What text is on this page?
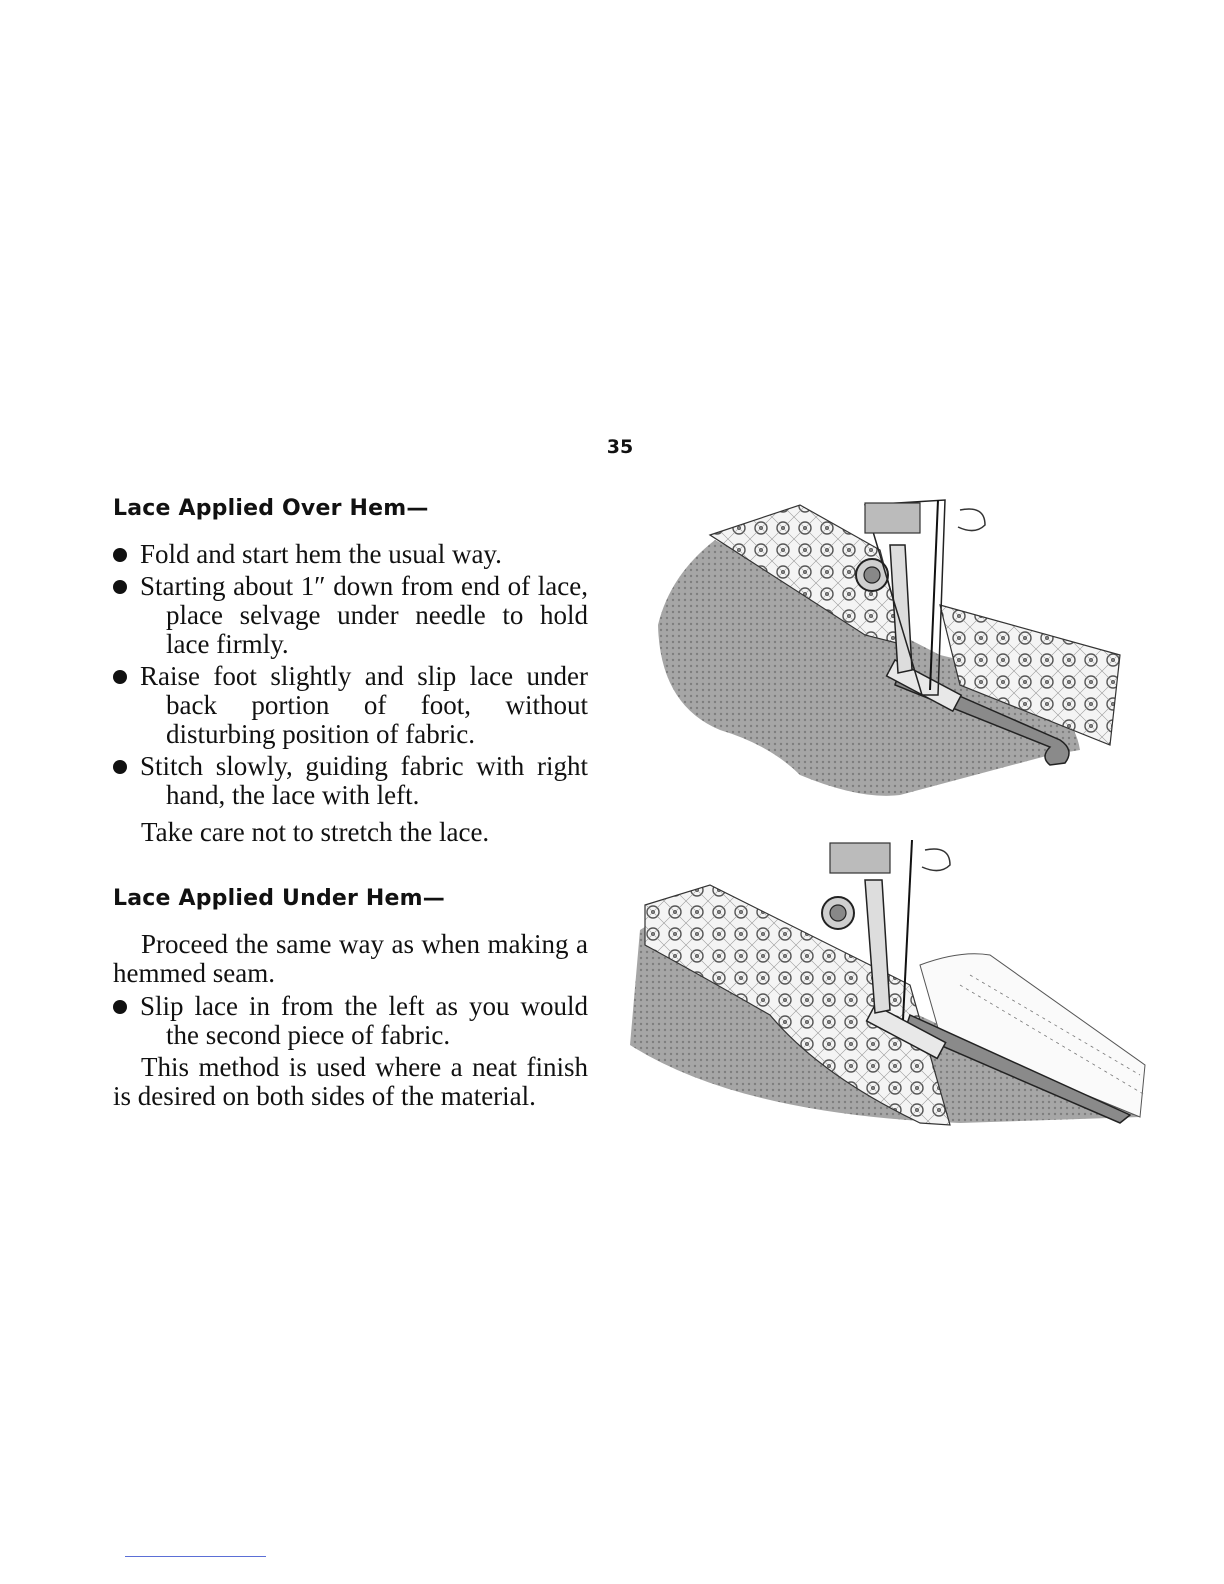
35
Lace Applied Over Hem—
Fold and start hem the usual way.
Starting about 1″ down from end of lace, place selvage under needle to hold lace firmly.
Raise foot slightly and slip lace under back portion of foot, without disturbing position of fabric.
Stitch slowly, guiding fabric with right hand, the lace with left.

Take care not to stretch the lace.

Lace Applied Under Hem—

Proceed the same way as when making a hemmed seam.

Slip lace in from the left as you would the second piece of fabric.

This method is used where a neat finish is desired on both sides of the material.
